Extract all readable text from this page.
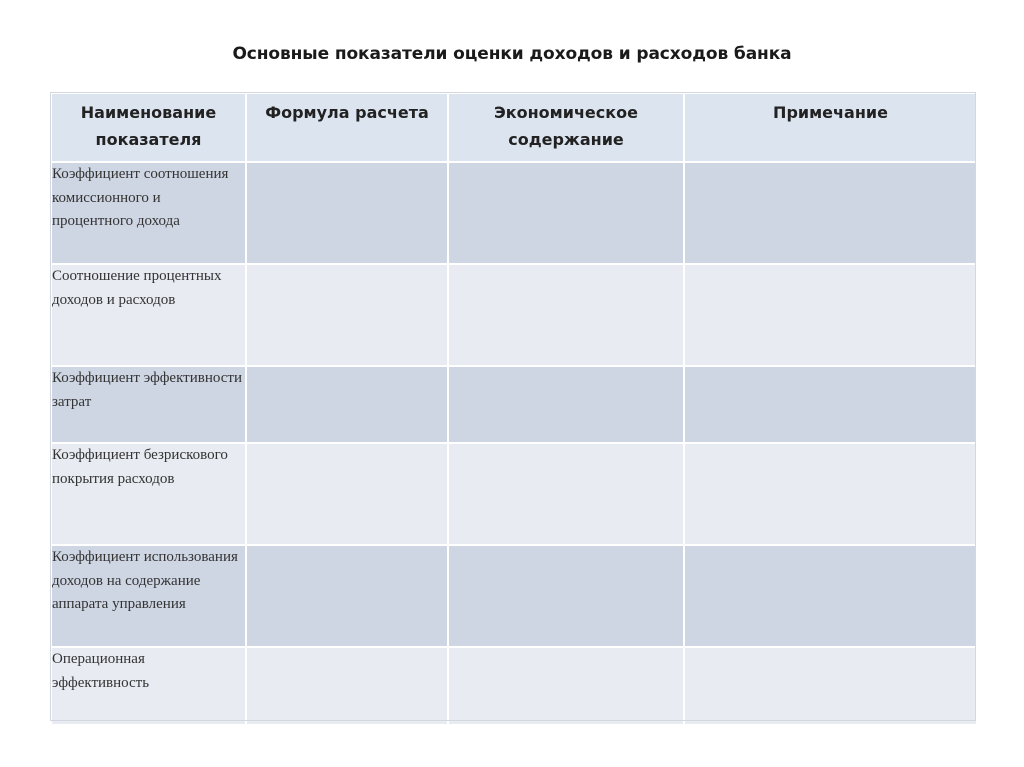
Основные показатели оценки доходов и расходов банка
Наименование показателя	Формула расчета	Экономическое содержание	Примечание
Коэффициент соотношения комиссионного и процентного дохода			
Соотношение процентных доходов и расходов			
Коэффициент эффективности затрат			
Коэффициент безрискового покрытия расходов			
Коэффициент использования доходов на содержание аппарата управления			
Операционная эффективность			
